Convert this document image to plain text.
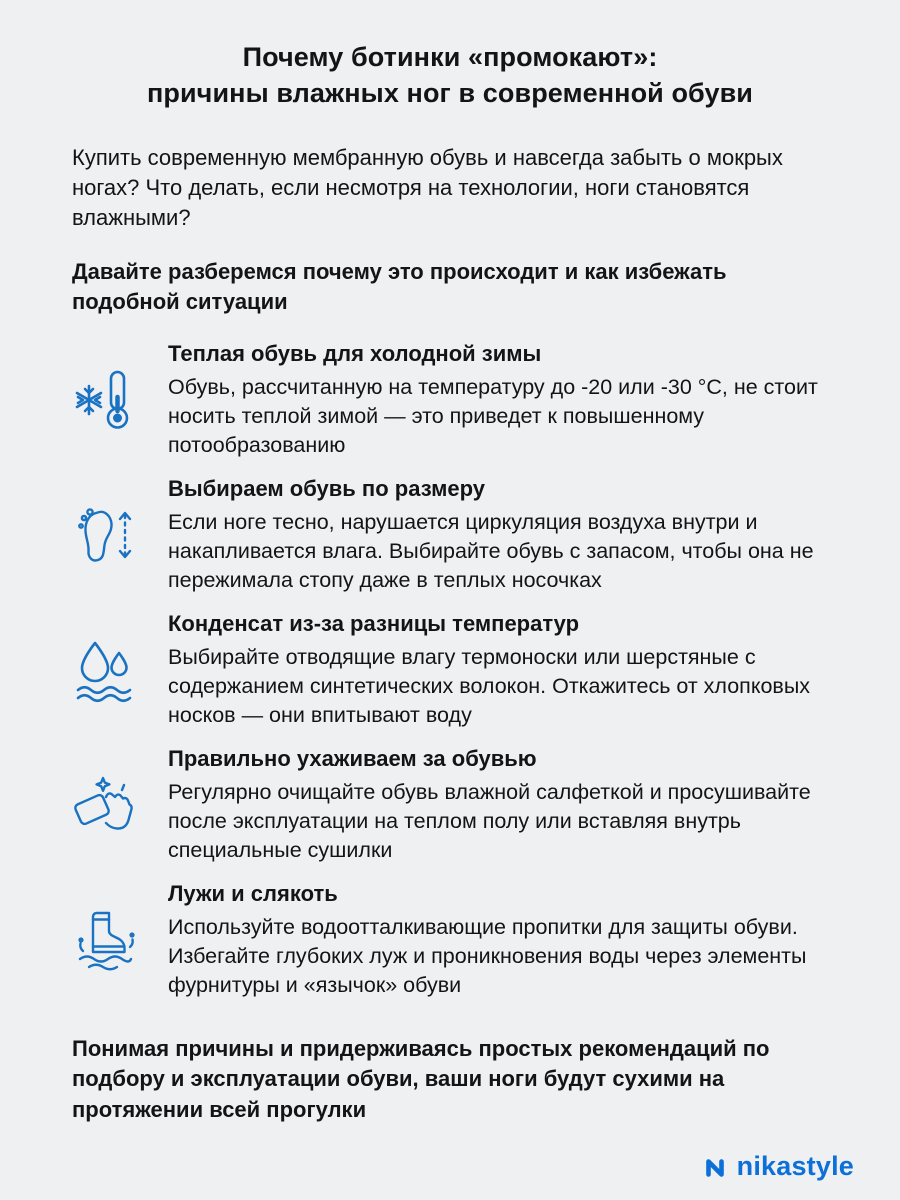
Почему ботинки «промокают»:
причины влажных ног в современной обуви

Купить современную мембранную обувь и навсегда забыть о мокрых ногах? Что делать, если несмотря на технологии, ноги становятся влажными?

Давайте разберемся почему это происходит и как избежать подобной ситуации

Теплая обувь для холодной зимы

Обувь, рассчитанную на температуру до -20 или -30 °С, не стоит носить теплой зимой — это приведет к повышенному потообразованию

Выбираем обувь по размеру

Если ноге тесно, нарушается циркуляция воздуха внутри и накапливается влага. Выбирайте обувь с запасом, чтобы она не пережимала стопу даже в теплых носочках

Конденсат из-за разницы температур

Выбирайте отводящие влагу термоноски или шерстяные с содержанием синтетических волокон. Откажитесь от хлопковых носков — они впитывают воду

Правильно ухаживаем за обувью

Регулярно очищайте обувь влажной салфеткой и просушивайте после эксплуатации на теплом полу или вставляя внутрь специальные сушилки

Лужи и слякоть

Используйте водоотталкивающие пропитки для защиты обуви. Избегайте глубоких луж и проникновения воды через элементы фурнитуры и «язычок» обуви

Понимая причины и придерживаясь простых рекомендаций по подбору и эксплуатации обуви, ваши ноги будут сухими на протяжении всей прогулки

nikastyle
